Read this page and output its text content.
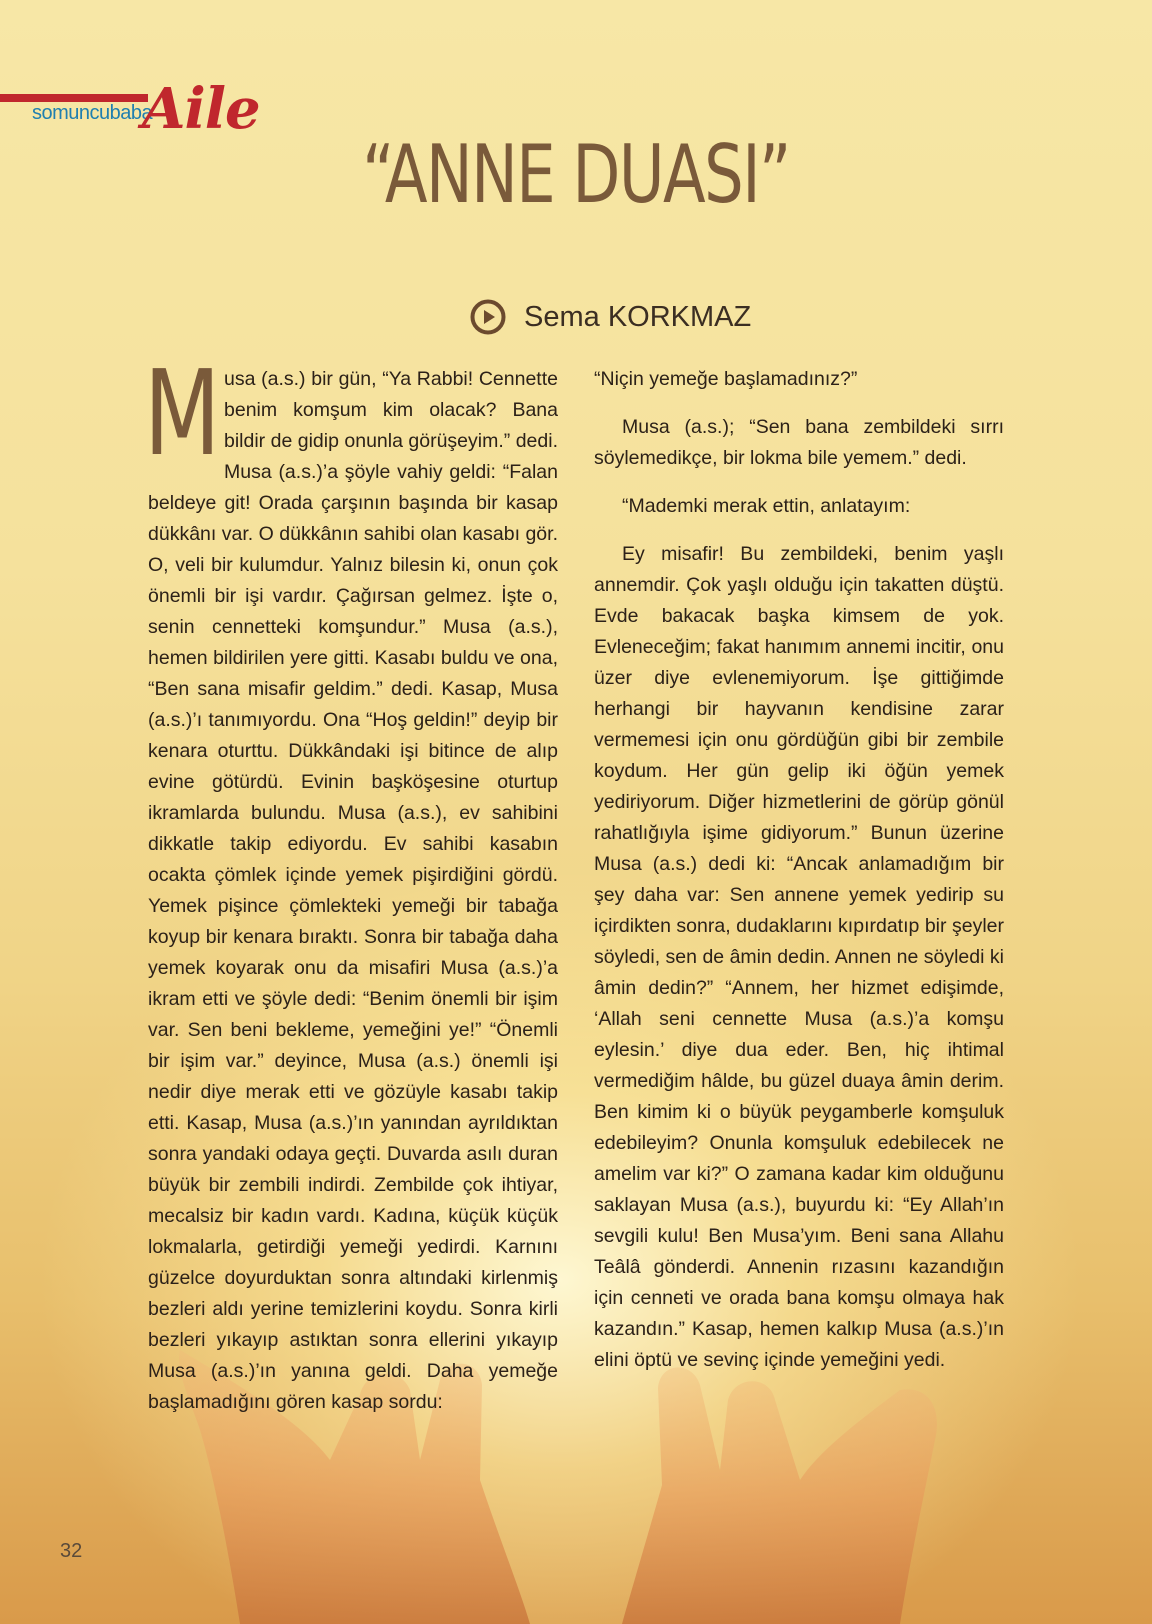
somuncubaba
Aile
“ANNE DUASI”
Sema KORKMAZ

Musa (a.s.) bir gün, “Ya Rabbi! Cennette benim komşum kim olacak? Bana bildir de gidip onunla görüşeyim.” dedi. Musa (a.s.)’a şöyle vahiy geldi: “Falan beldeye git! Orada çarşının başında bir kasap dükkânı var. O dükkânın sahibi olan kasabı gör. O, veli bir kulumdur. Yalnız bilesin ki, onun çok önemli bir işi vardır. Çağırsan gelmez. İşte o, senin cennetteki komşundur.” Musa (a.s.), hemen bildirilen yere gitti. Kasabı buldu ve ona, “Ben sana misafir geldim.” dedi. Kasap, Musa (a.s.)’ı tanımıyordu. Ona “Hoş geldin!” deyip bir kenara oturttu. Dükkândaki işi bitince de alıp evine götürdü. Evinin başköşesine oturtup ikramlarda bulundu. Musa (a.s.), ev sahibini dikkatle takip ediyordu. Ev sahibi kasabın ocakta çömlek içinde yemek pişirdiğini gördü. Yemek pişince çömlekteki yemeği bir tabağa koyup bir kenara bıraktı. Sonra bir tabağa daha yemek koyarak onu da misafiri Musa (a.s.)’a ikram etti ve şöyle dedi: “Benim önemli bir işim var. Sen beni bekleme, yemeğini ye!” “Önemli bir işim var.” deyince, Musa (a.s.) önemli işi nedir diye merak etti ve gözüyle kasabı takip etti. Kasap, Musa (a.s.)’ın yanından ayrıldıktan sonra yandaki odaya geçti. Duvarda asılı duran büyük bir zembili indirdi. Zembilde çok ihtiyar, mecalsiz bir kadın vardı. Kadına, küçük küçük lokmalarla, getirdiği yemeği yedirdi. Karnını güzelce doyurduktan sonra altındaki kirlenmiş bezleri aldı yerine temizlerini koydu. Sonra kirli bezleri yıkayıp astıktan sonra ellerini yıkayıp Musa (a.s.)’ın yanına geldi. Daha yemeğe başlamadığını gören kasap sordu:

“Niçin yemeğe başlamadınız?”

Musa (a.s.); “Sen bana zembildeki sırrı söylemedikçe, bir lokma bile yemem.” dedi.

“Mademki merak ettin, anlatayım:

Ey misafir! Bu zembildeki, benim yaşlı annemdir. Çok yaşlı olduğu için takatten düştü. Evde bakacak başka kimsem de yok. Evleneceğim; fakat hanımım annemi incitir, onu üzer diye evlenemiyorum. İşe gittiğimde herhangi bir hayvanın kendisine zarar vermemesi için onu gördüğün gibi bir zembile koydum. Her gün gelip iki öğün yemek yediriyorum. Diğer hizmetlerini de görüp gönül rahatlığıyla işime gidiyorum.” Bunun üzerine Musa (a.s.) dedi ki: “Ancak anlamadığım bir şey daha var: Sen annene yemek yedirip su içirdikten sonra, dudaklarını kıpırdatıp bir şeyler söyledi, sen de âmin dedin. Annen ne söyledi ki âmin dedin?” “Annem, her hizmet edişimde, ‘Allah seni cennette Musa (a.s.)’a komşu eylesin.’ diye dua eder. Ben, hiç ihtimal vermediğim hâlde, bu güzel duaya âmin derim. Ben kimim ki o büyük peygamberle komşuluk edebileyim? Onunla komşuluk edebilecek ne amelim var ki?” O zamana kadar kim olduğunu saklayan Musa (a.s.), buyurdu ki: “Ey Allah’ın sevgili kulu! Ben Musa’yım. Beni sana Allahu Teâlâ gönderdi. Annenin rızasını kazandığın için cenneti ve orada bana komşu olmaya hak kazandın.” Kasap, hemen kalkıp Musa (a.s.)’ın elini öptü ve sevinç içinde yemeğini yedi.

32
